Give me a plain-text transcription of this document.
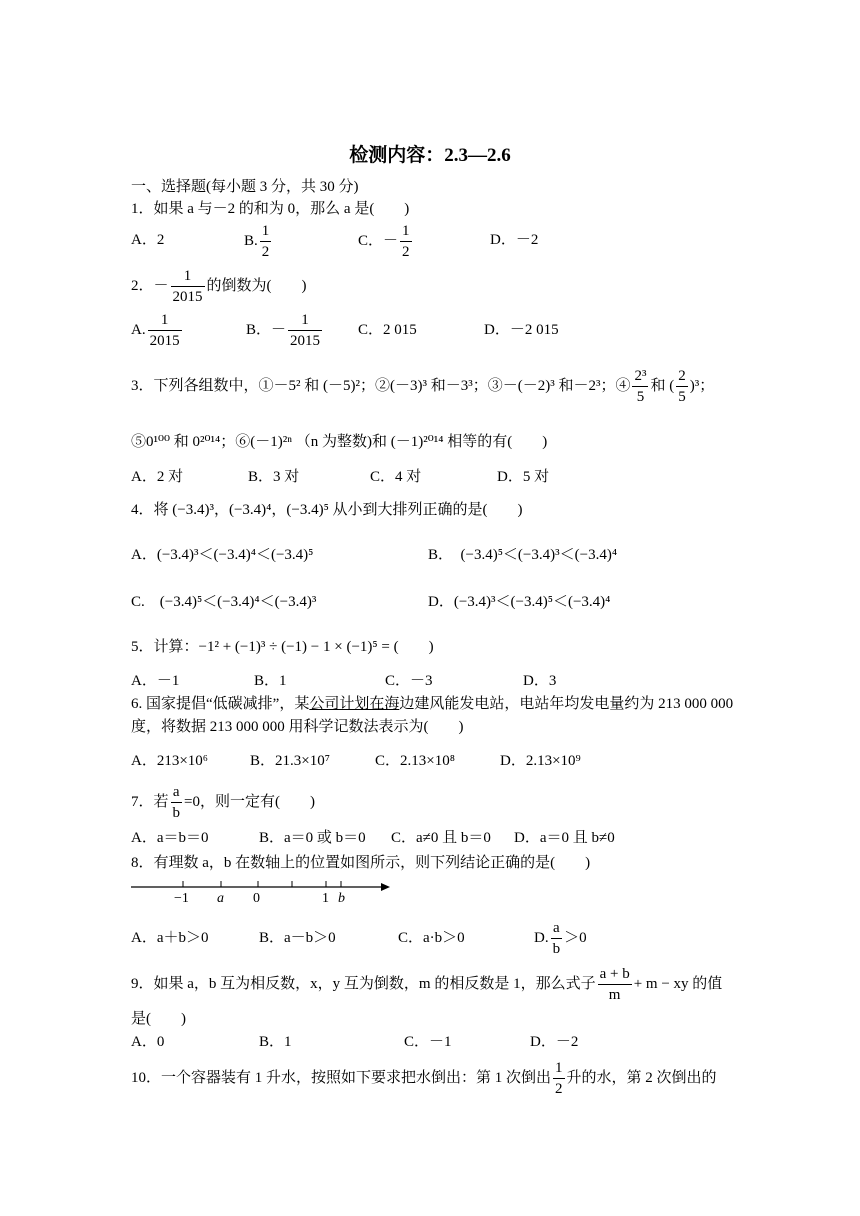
检测内容：2.3—2.6
一、选择题(每小题 3 分，共 30 分)
1．如果 a 与－2 的和为 0，那么 a 是(　　)
A．2	B. $\frac{1}{2}$	C．－ $\frac{1}{2}$	D．－2
2．－ $\frac{1}{2015}$ 的倒数为(　　)
A. $\frac{1}{2015}$	B．－ $\frac{1}{2015}$ C．2 015	D．－2 015
3．下列各组数中，①－5² 和 (－5)²；②(－3)³ 和－3³；③－(－2)³ 和－2³；④ $\frac{\text{2³}}{5}$ 和 ( $\frac{2}{5} )^3$；
⑤0¹⁰⁰ 和 0²⁰¹⁴；⑥(－1)²ⁿ （n 为整数)和 (－1)²⁰¹⁴ 相等的有(　　)
A．2 对	B．3 对	C．4 对	D．5 对
4．将 (−3.4)³，(−3.4)⁴，(−3.4)⁵ 从小到大排列正确的是(　　)
A．(−3.4)³＜(−3.4)⁴＜(−3.4)⁵	B．　(−3.4)⁵＜(−3.4)³＜(−3.4)⁴
C.　(−3.4)⁵＜(−3.4)⁴＜(−3.4)³	D．(−3.4)³＜(−3.4)⁵＜(−3.4)⁴
5．计算：−1² + (−1)³ ÷ (−1) − 1 × (−1)⁵ = (　　)
A．－1	B．1	C．－3	D．3
6. 国家提倡“低碳减排”，某公司计划在海边建风能发电站，电站年均发电量约为 213 000 000
度，将数据 213 000 000 用科学记数法表示为(　　)
A．213×10⁶	B．21.3×10⁷	C．2.13×10⁸	D．2.13×10⁹
7．若 $\frac{a}{b} =0$，则一定有(　　)
A．a＝b＝0	B．a＝0 或 b＝0 C．a≠0 且 b＝0 D．a＝0 且 b≠0
8．有理数 a，b 在数轴上的位置如图所示，则下列结论正确的是(　　)
−1 a 0	1 b
A．a＋b＞0	B．a－b＞0	C．a·b＞0	D. $\frac{a}{b} >0$
9．如果 a，b 互为相反数，x，y 互为倒数，m 的相反数是 1，那么式子 $\frac{a + b}{m} + m$ − xy 的值
是(　　)
A．0	B．1	C．－1	D．－2
10．一个容器装有 1 升水，按照如下要求把水倒出：第 1 次倒出 $\frac{1}{2}$ 升的水，第 2 次倒出的
